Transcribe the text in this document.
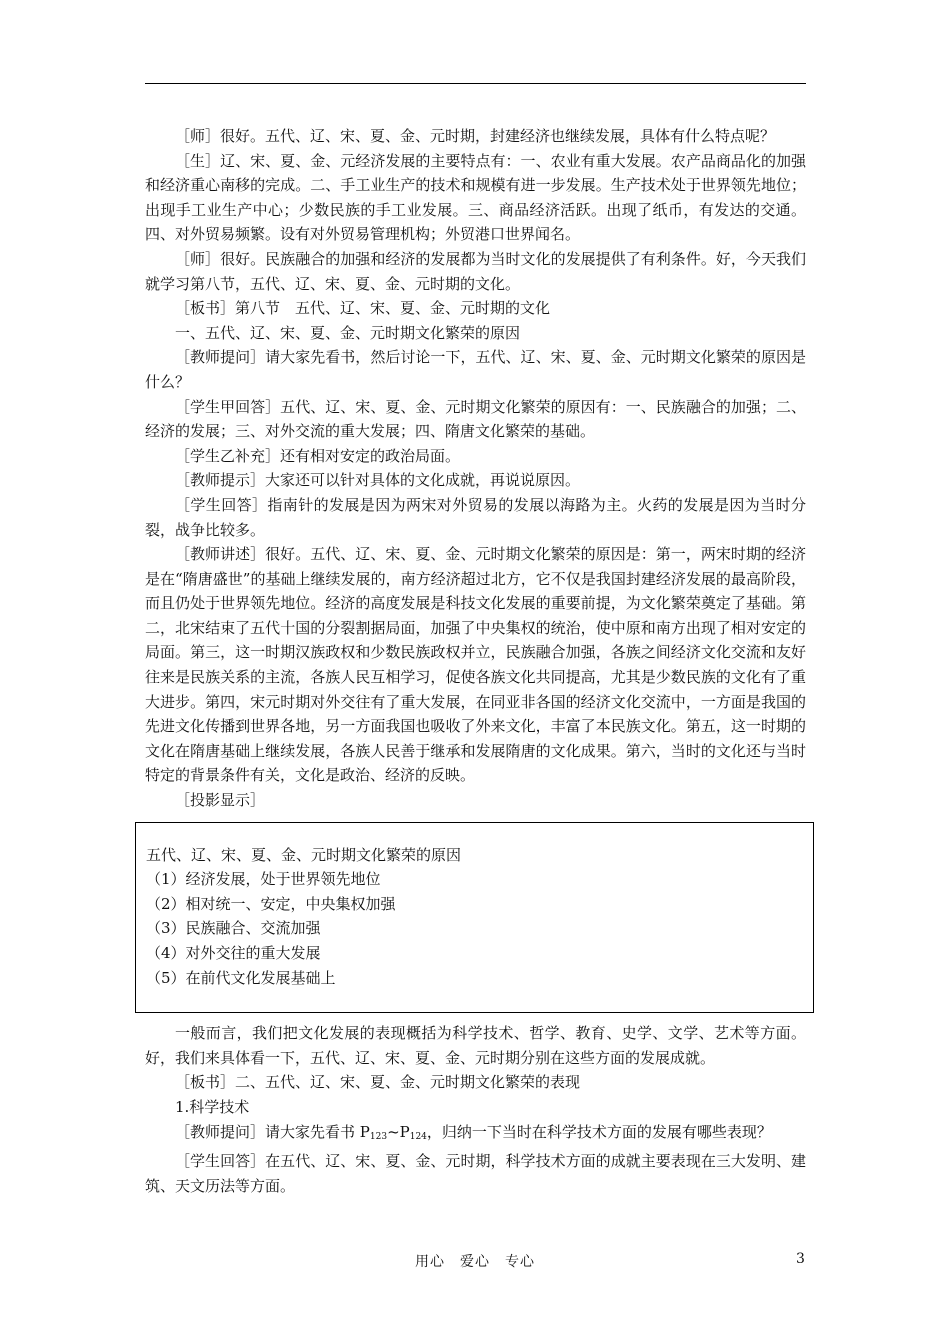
［师］很好。五代、辽、宋、夏、金、元时期，封建经济也继续发展，具体有什么特点呢？

［生］辽、宋、夏、金、元经济发展的主要特点有：一、农业有重大发展。农产品商品化的加强和经济重心南移的完成。二、手工业生产的技术和规模有进一步发展。生产技术处于世界领先地位；出现手工业生产中心；少数民族的手工业发展。三、商品经济活跃。出现了纸币，有发达的交通。四、对外贸易频繁。设有对外贸易管理机构；外贸港口世界闻名。

［师］很好。民族融合的加强和经济的发展都为当时文化的发展提供了有利条件。好，今天我们就学习第八节，五代、辽、宋、夏、金、元时期的文化。

［板书］第八节　五代、辽、宋、夏、金、元时期的文化

一、五代、辽、宋、夏、金、元时期文化繁荣的原因

［教师提问］请大家先看书，然后讨论一下，五代、辽、宋、夏、金、元时期文化繁荣的原因是什么？

［学生甲回答］五代、辽、宋、夏、金、元时期文化繁荣的原因有：一、民族融合的加强；二、经济的发展；三、对外交流的重大发展；四、隋唐文化繁荣的基础。

［学生乙补充］还有相对安定的政治局面。

［教师提示］大家还可以针对具体的文化成就，再说说原因。

［学生回答］指南针的发展是因为两宋对外贸易的发展以海路为主。火药的发展是因为当时分裂，战争比较多。

［教师讲述］很好。五代、辽、宋、夏、金、元时期文化繁荣的原因是：第一，两宋时期的经济是在“隋唐盛世”的基础上继续发展的，南方经济超过北方，它不仅是我国封建经济发展的最高阶段，而且仍处于世界领先地位。经济的高度发展是科技文化发展的重要前提，为文化繁荣奠定了基础。第二，北宋结束了五代十国的分裂割据局面，加强了中央集权的统治，使中原和南方出现了相对安定的局面。第三，这一时期汉族政权和少数民族政权并立，民族融合加强，各族之间经济文化交流和友好往来是民族关系的主流，各族人民互相学习，促使各族文化共同提高，尤其是少数民族的文化有了重大进步。第四，宋元时期对外交往有了重大发展，在同亚非各国的经济文化交流中，一方面是我国的先进文化传播到世界各地，另一方面我国也吸收了外来文化，丰富了本民族文化。第五，这一时期的文化在隋唐基础上继续发展，各族人民善于继承和发展隋唐的文化成果。第六，当时的文化还与当时特定的背景条件有关，文化是政治、经济的反映。

［投影显示］

五代、辽、宋、夏、金、元时期文化繁荣的原因

（1）经济发展，处于世界领先地位

（2）相对统一、安定，中央集权加强

（3）民族融合、交流加强

（4）对外交往的重大发展

（5）在前代文化发展基础上

一般而言，我们把文化发展的表现概括为科学技术、哲学、教育、史学、文学、艺术等方面。好，我们来具体看一下，五代、辽、宋、夏、金、元时期分别在这些方面的发展成就。

［板书］二、五代、辽、宋、夏、金、元时期文化繁荣的表现

1.科学技术

［教师提问］请大家先看书 $P_{123}\sim P_{124}$，归纳一下当时在科学技术方面的发展有哪些表现？

［学生回答］在五代、辽、宋、夏、金、元时期，科学技术方面的成就主要表现在三大发明、建筑、天文历法等方面。

用心　爱心　专心	3
